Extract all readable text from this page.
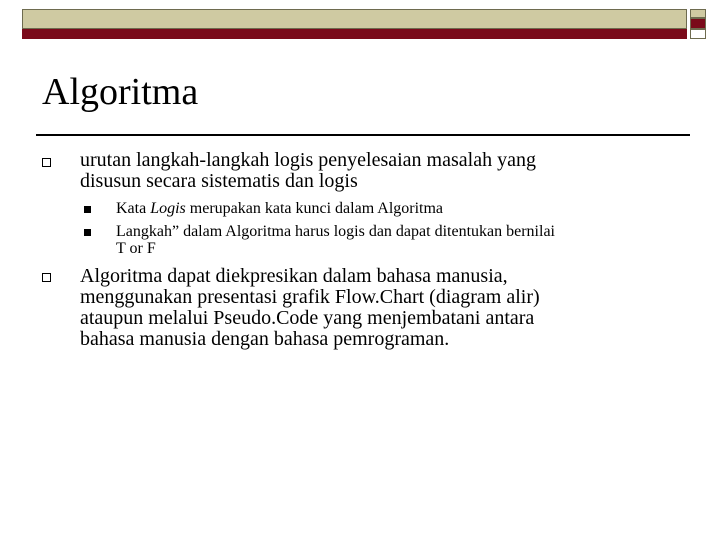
Algoritma
urutan langkah-langkah logis penyelesaian masalah yang
disusun secara sistematis dan logis
Kata Logis merupakan kata kunci dalam Algoritma
Langkah” dalam Algoritma harus logis dan dapat ditentukan bernilai
T or F
Algoritma dapat diekpresikan dalam bahasa manusia,
menggunakan presentasi grafik Flow.Chart (diagram alir)
ataupun melalui Pseudo.Code yang menjembatani antara
bahasa manusia dengan bahasa pemrograman.
